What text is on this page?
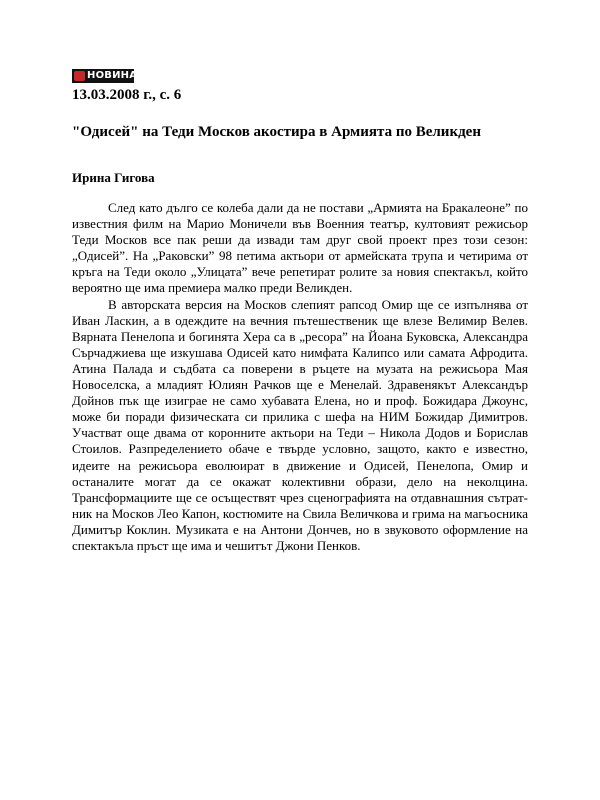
НОВИНАР
13.03.2008 г., с. 6
"Одисей" на Теди Москов акостира в Армията по Великден
Ирина Гигова

След като дълго се колеба дали да не постави „Армията на Бракалеоне” по известния филм на Марио Моничели във Военния театър, култовият режисьор Теди Москов все пак реши да извади там друг свой проект през този сезон: „Одисей”. На „Раковски” 98 петима актьори от армейската трупа и четирима от кръга на Теди около „Улицата” вече репетират ролите за новия спектакъл, който вероятно ще има премиера малко преди Великден.

В авторската версия на Москов слепият рапсод Омир ще се изпълнява от Иван Ласкин, а в одеждите на вечния пътешественик ще влезе Велимир Велев. Вярната Пенелопа и богинята Хера са в „ресора” на Йоана Буковска, Александра Сърчаджиева ще изкушава Одисей като нимфата Калипсо или самата Афродита. Атина Палада и съдбата са поверени в ръцете на музата на режисьора Мая Новоселска, а младият Юлиян Рачков ще е Менелай. Здравенякът Александър Дойнов пък ще изиграе не само хубавата Елена, но и проф. Божидара Джоунс, може би поради физическата си прилика с шефа на НИМ Божидар Димитров. Участват още двама от коронните актьори на Теди – Никола Додов и Борислав Стоилов. Разпределението обаче е твърде условно, защото, както е известно, идеите на режисьора еволюират в движение и Одисей, Пенелопа, Омир и останалите могат да се окажат колективни образи, дело на неколцина. Трансформациите ще се осъществят чрез сценографията на отдавнашния сътратник на Москов Лео Капон, костюмите на Свила Величкова и грима на магьосника Димитър Коклин. Музиката е на Антони Дончев, но в звуковото оформление на спектакъла пръст ще има и чешитът Джони Пенков.
